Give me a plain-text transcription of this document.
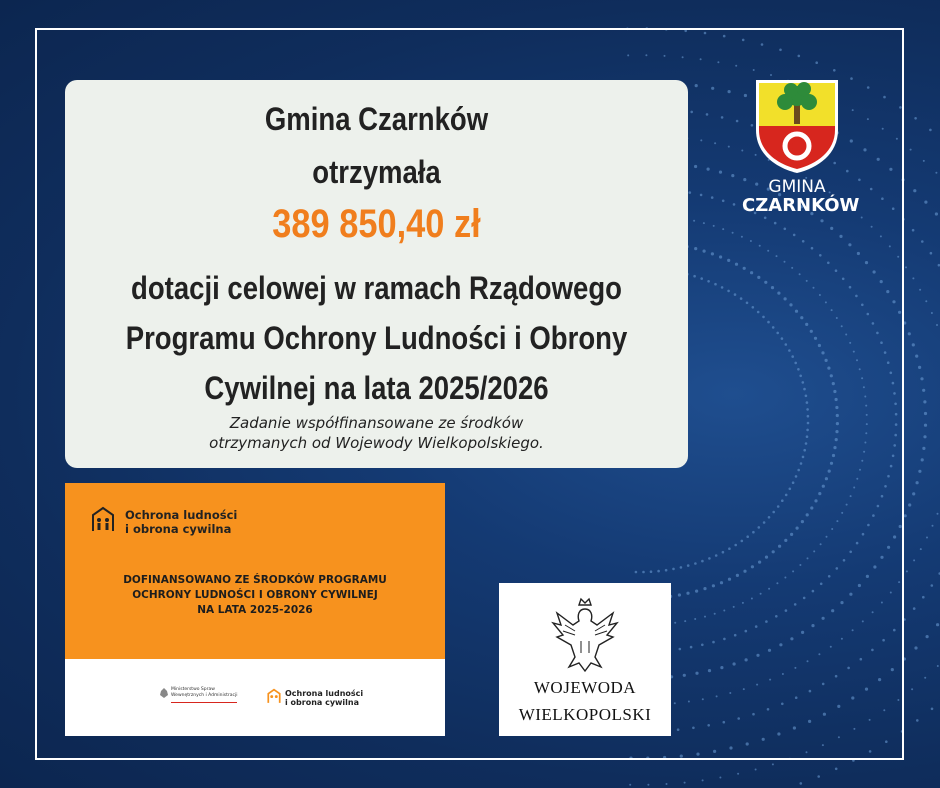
Gmina Czarnków
otrzymała
389 850,40 zł
dotacji celowej w ramach Rządowego
Programu Ochrony Ludności i Obrony
Cywilnej na lata 2025/2026
Zadanie współfinansowane ze środków
otrzymanych od Wojewody Wielkopolskiego.
GMINA
CZARNKÓW
Ochrona ludności
i obrona cywilna
DOFINANSOWANO ZE ŚRODKÓW PROGRAMU
OCHRONY LUDNOŚCI I OBRONY CYWILNEJ
NA LATA 2025-2026
Ministerstwo Spraw
Wewnętrznych i Administracji	Ochrona ludności
i obrona cywilna
WOJEWODA
WIELKOPOLSKI
